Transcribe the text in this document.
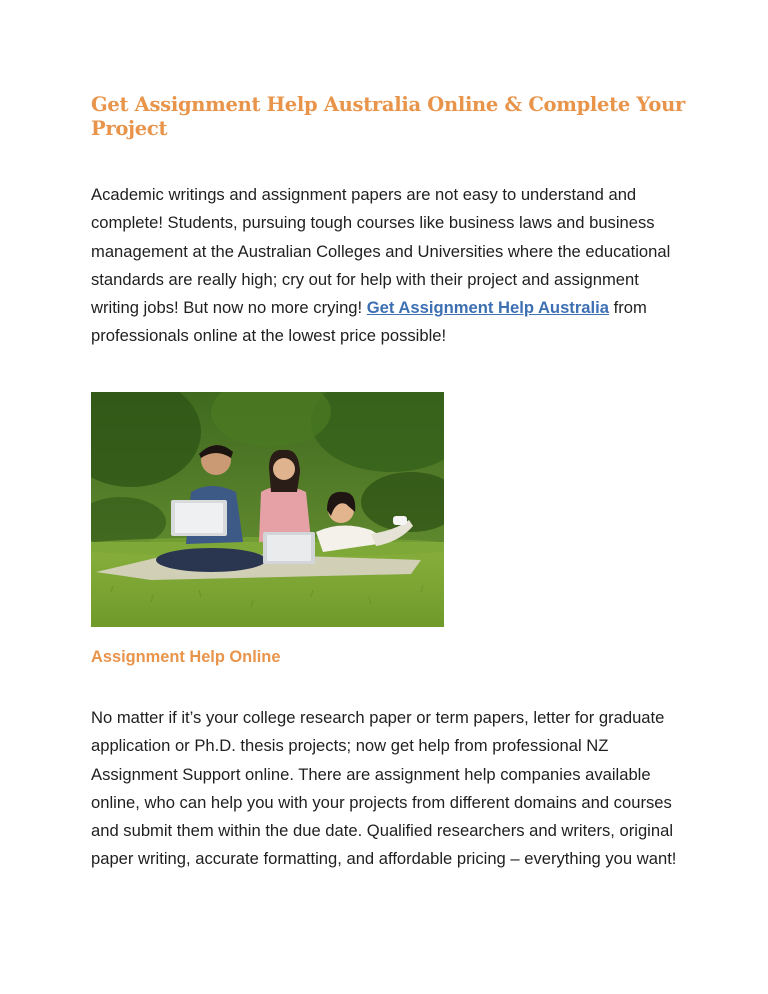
Get Assignment Help Australia Online & Complete Your Project

Academic writings and assignment papers are not easy to understand and complete! Students, pursuing tough courses like business laws and business management at the Australian Colleges and Universities where the educational standards are really high; cry out for help with their project and assignment writing jobs! But now no more crying! Get Assignment Help Australia from professionals online at the lowest price possible!

Assignment Help Online

No matter if it’s your college research paper or term papers, letter for graduate application or Ph.D. thesis projects; now get help from professional NZ Assignment Support online. There are assignment help companies available online, who can help you with your projects from different domains and courses and submit them within the due date. Qualified researchers and writers, original paper writing, accurate formatting, and affordable pricing – everything you want!
